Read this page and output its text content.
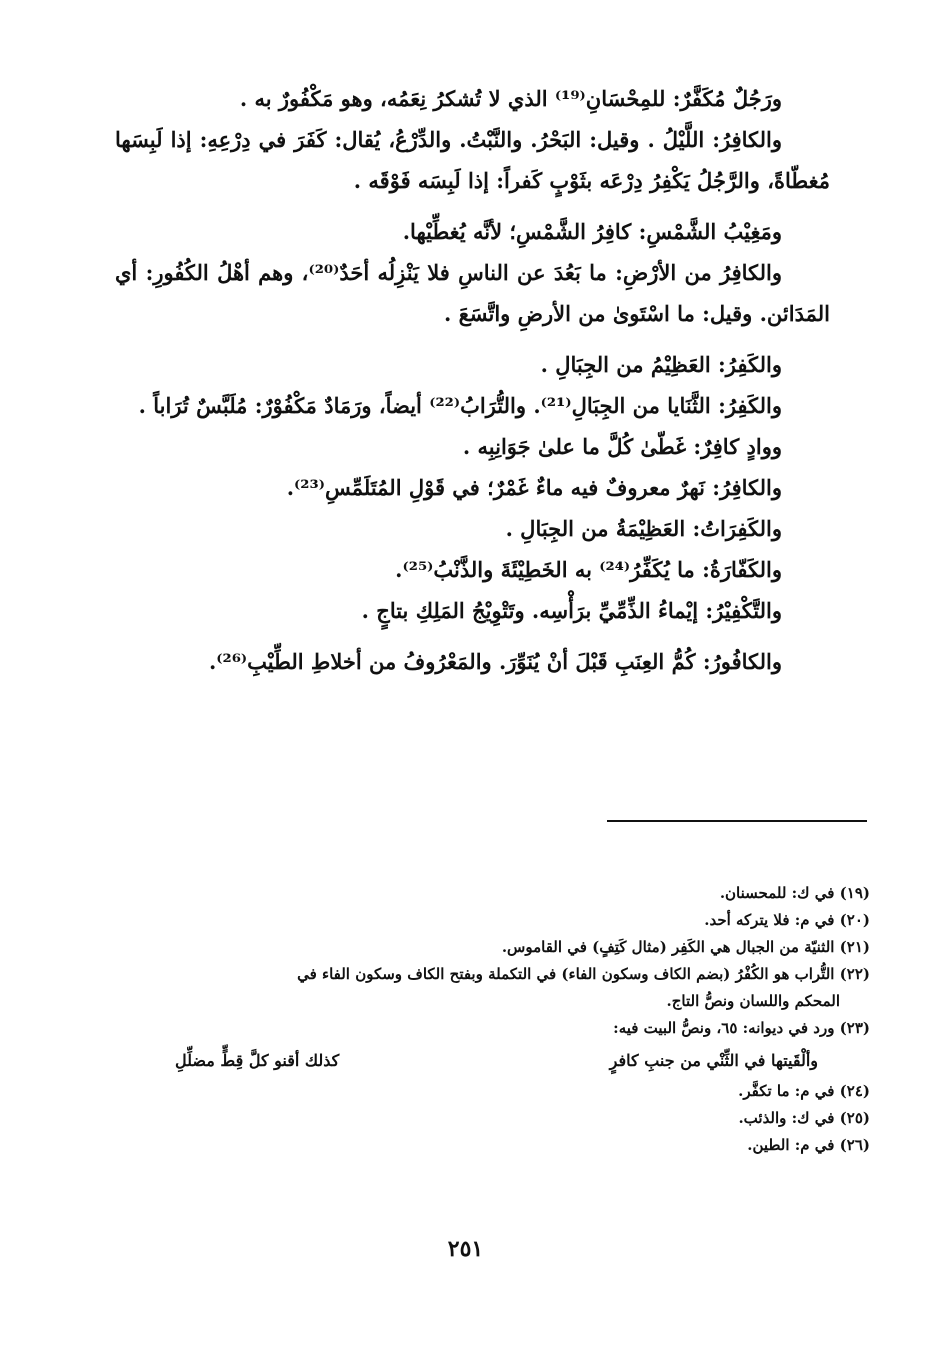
ورَجُلٌ مُكَفَّرٌ: للمِحْسَانِ⁽¹⁹⁾ الذي لا تُشكرُ نِعَمُه، وهو مَكْفُورٌ به .

والكافِرُ: اللَّيْلُ . وقيل: البَحْرُ. والنَّبْتُ. والدِّرْعُ، يُقال: كَفَرَ في دِرْعِهِ: إذا لَبِسَها مُغطّاةً، والرَّجُلُ يَكْفِرُ دِرْعَه بثَوْبٍ كَفراً: إذا لَبِسَه فَوْقَه .

ومَغِيْبُ الشَّمْسِ: كافِرُ الشَّمْسِ؛ لأنَّه يُغطِّيْها.

والكافِرُ من الأرْضِ: ما بَعُدَ عن الناسِ فلا يَنْزِلُه أحَدٌ⁽²⁰⁾، وهم أهْلُ الكُفُورِ: أي المَدَائن. وقيل: ما اسْتَوىٰ من الأرضِ واتَّسَعَ .

والكَفِرُ: العَظِيْمُ من الجِبَالِ .

والكَفِرُ: الثَّنَايا من الجِبَالِ⁽²¹⁾. والتُّرَابُ⁽²²⁾ أيضاً، ورَمَادٌ مَكْفُوْرٌ: مُلَبَّسٌ تُرَاباً .

ووادٍ كافِرٌ: غَطّىٰ كُلَّ ما علىٰ جَوَانِبِه .

والكافِرُ: نَهرٌ معروفٌ فيه ماءٌ غَمْرٌ؛ في قَوْلِ المُتَلَمِّسِ⁽²³⁾.

والكَفِرَاتُ: العَظِيْمَةُ من الجِبَالِ .

والكَفّارَةُ: ما يُكَفِّرُ⁽²⁴⁾ به الخَطِيْئَةَ والذَّنْبُ⁽²⁵⁾.

والتَّكْفِيْرُ: إيْماءُ الذِّمِّيِّ برَأْسِه. وتَتْوِيْجُ المَلِكِ بتاجٍ .

والكافُورُ: كُمُّ العِنَبِ قَبْلَ أنْ يُنَوِّرَ. والمَعْرُوفُ من أخلاطِ الطِّيْبِ⁽²⁶⁾.

(١٩) في ك: للمحسنان.

(٢٠) في م: فلا يتركه أحد.

(٢١) الثنيّة من الجبال هي الكَفِر (مثال كَتِفٍ) في القاموس.

(٢٢) التُّراب هو الكُفْرُ (بضم الكاف وسكون الفاء) في التكملة وبفتح الكاف وسكون الفاء في
المحكم واللسان ونصُّ التاج.

(٢٣) ورد في ديوانه: ٦٥، ونصُّ البيت فيه:

وألْقَيتها في الثِّنْي من جنبِ كافرٍ
كذلك أقنو كلَّ قِطٍّ مضلِّلِ

(٢٤) في م: ما تكفَّر.

(٢٥) في ك: والذئب.

(٢٦) في م: الطين.

٢٥١
